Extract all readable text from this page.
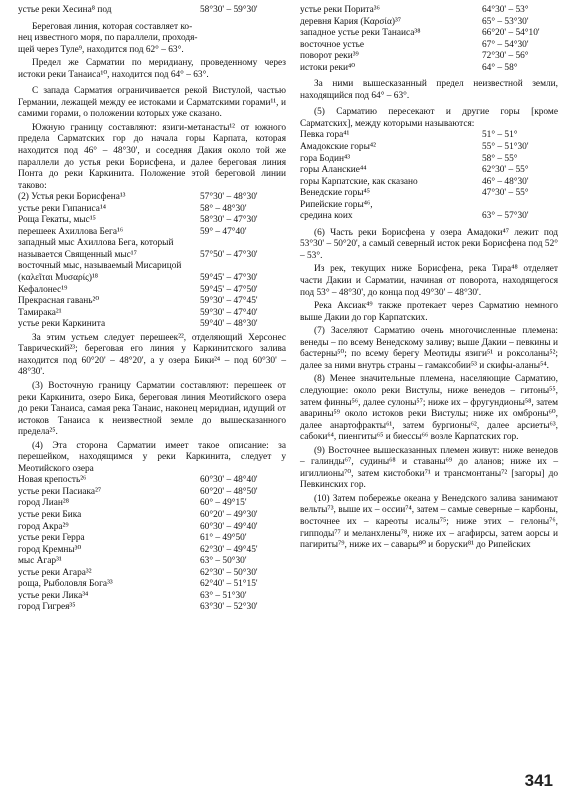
устье реки Хесина⁸ под	58°30' – 59°30'
Береговая линия, которая составляет ко-
нец известного моря, по параллели, проходя-
щей через Туле⁹, находится под 62° – 63°.
Предел же Сарматии по меридиану, проведенному через истоки реки Танаиса¹⁰, находится под 64° – 63°.
С запада Сарматия ограничивается рекой Вистулой, частью Германии, лежащей между ее истоками и Сарматскими горами¹¹, и самими горами, о положении которых уже сказано.
Южную границу составляют: язиги-метанасты¹² от южного предела Сарматских гор до начала горы Карпата, которая находится под 46° – 48°30', и соседняя Дакия около той же параллели до устья реки Борисфена, и далее береговая линия Понта до реки Каркинита. Положение этой береговой линии таково:
(2) Устья реки Борисфена¹³	57°30' – 48°30'
устье реки Гипаниса¹⁴	58° – 48°30'
Роща Гекаты, мыс¹⁵	58°30' – 47°30'
перешеек Ахиллова Бега¹⁶	59° – 47°40'
западный мыс Ахиллова Бега, который
называется Священный мыс¹⁷	57°50' – 47°30'
восточный мыс, называемый Мисарицой
(καλεῖται Μυσαρίς)¹⁸	59°45' – 47°30'
Кефалонес¹⁹	59°45' – 47°50'
Прекрасная гавань²⁰	59°30' – 47°45'
Тамирака²¹	59°30' – 47°40'
устье реки Каркинита	59°40' – 48°30'
За этим устьем следует перешеек²², отделяющий Херсонес Таврический²³; береговая его линия у Каркинитского залива находится под 60°20' – 48°20', а у озера Бики²⁴ – под 60°30' – 48°30'.
(3) Восточную границу Сарматии составляют: перешеек от реки Каркинита, озеро Бика, береговая линия Меотийского озера до реки Танаиса, самая река Танаис, наконец меридиан, идущий от истоков Танаиса к неизвестной земле до вышесказанного предела²⁵.
(4) Эта сторона Сарматии имеет такое описание: за перешейком, находящимся у реки Каркинита, следует у Меотийского озера
Новая крепость²⁶	60°30' – 48°40'
устье реки Пасиака²⁷	60°20' – 48°50'
город Лиан²⁸	60° – 49°15'
устье реки Бика	60°20' – 49°30'
город Акра²⁹	60°30' – 49°40'
устье реки Герра	61° – 49°50'
город Кремны³⁰	62°30' – 49°45'
мыс Агар³¹	63° – 50°30'
устье реки Агара³²	62°30' – 50°30'
роща, Рыболовля Бога³³	62°40' – 51°15'
устье реки Лика³⁴	63° – 51°30'
город Гигрея³⁵	63°30' – 52°30'
устье реки Порита³⁶	64°30' – 53°
деревня Кария (Καρσία)³⁷	65° – 53°30'
западное устье реки Танаиса³⁸	66°20' – 54°10'
восточное устье	67° – 54°30'
поворот реки³⁹	72°30' – 56°
истоки реки⁴⁰	64° – 58°
За ними вышесказанный предел неизвестной земли, находящийся под 64° – 63°.
(5) Сарматию пересекают и другие горы [кроме Сарматских], между которыми называются:
Певка гора⁴¹	51° – 51°
Амадокские горы⁴²	55° – 51°30'
гора Бодин⁴³	58° – 55°
горы Аланские⁴⁴	62°30' – 55°
горы Карпатские, как сказано	46° – 48°30'
Венедские горы⁴⁵	47°30' – 55°
Рипейские горы⁴⁶,
средина коих	63° – 57°30'
(6) Часть реки Борисфена у озера Амадоки⁴⁷ лежит под 53°30' – 50°20', а самый северный исток реки Борисфена под 52° – 53°.
Из рек, текущих ниже Борисфена, река Тира⁴⁸ отделяет части Дакии и Сарматии, начиная от поворота, находящегося под 53° – 48°30', до конца под 49°30' – 48°30'.
Река Аксиак⁴⁹ также протекает через Сарматию немного выше Дакии до гор Карпатских.
(7) Заселяют Сарматию очень многочисленные племена: венеды – по всему Венедскому заливу; выше Дакии – певкины и бастерны⁵⁰; по всему берегу Меотиды язиги⁵¹ и роксоланы⁵²; далее за ними внутрь страны – гамаксобии⁵³ и скифы-аланы⁵⁴.
(8) Менее значительные племена, населяющие Сарматию, следующие: около реки Вистулы, ниже венедов – гитоны⁵⁵, затем финны⁵⁶, далее сулоны⁵⁷; ниже их – фругундионы⁵⁸, затем аварины⁵⁹ около истоков реки Вистулы; ниже их омброны⁶⁰, далее анартофракты⁶¹, затем бургионы⁶², далее арсиеты⁶³, сабоки⁶⁴, пиенгиты⁶⁵ и биессы⁶⁶ возле Карпатских гор.
(9) Восточнее вышесказанных племен живут: ниже венедов – галинды⁶⁷, судины⁶⁸ и ставаны⁶⁹ до аланов; ниже их – игиллионы⁷⁰, затем кистобоки⁷¹ и трансмонтаны⁷² [загоры] до Певкинских гор.
(10) Затем побережье океана у Венедского залива занимают вельты⁷³, выше их – оссии⁷⁴, затем – самые северные – карбоны, восточнее их – кареоты исалы⁷⁵; ниже этих – гелоны⁷⁶, гипподы⁷⁷ и меланхлены⁷⁸, ниже их – агафирсы, затем аорсы и пагириты⁷⁹, ниже их – савары⁸⁰ и боруски⁸¹ до Рипейских
341
